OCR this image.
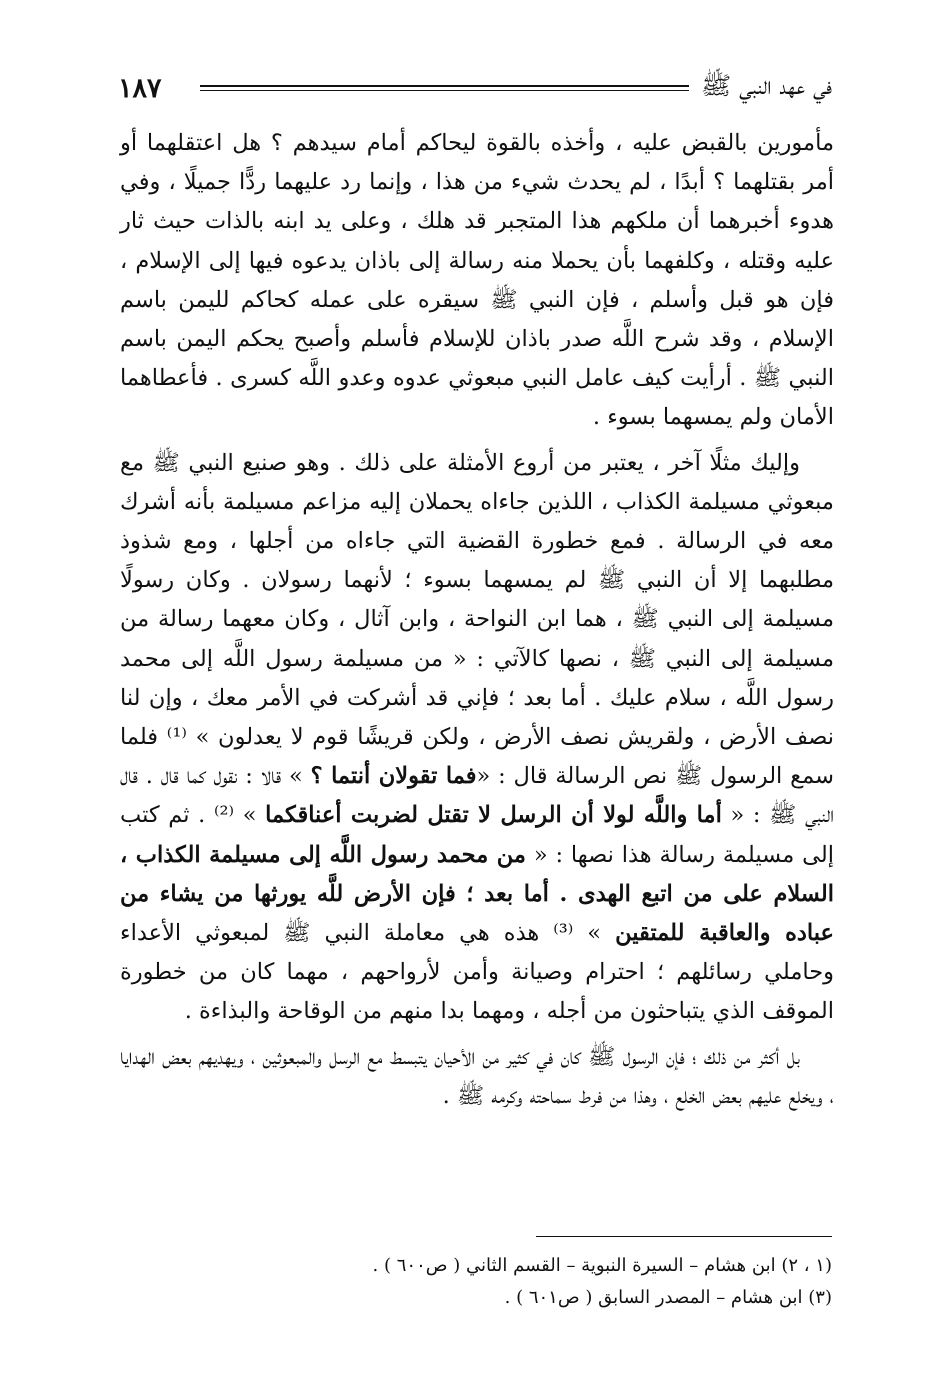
١٨٧	في عهد النبي ﷺ

مأمورين بالقبض عليه ، وأخذه بالقوة ليحاكم أمام سيدهم ؟ هل اعتقلهما أو أمر بقتلهما ؟ أبدًا ، لم يحدث شيء من هذا ، وإنما رد عليهما ردًّا جميلًا ، وفي هدوء أخبرهما أن ملكهم هذا المتجبر قد هلك ، وعلى يد ابنه بالذات حيث ثار عليه وقتله ، وكلفهما بأن يحملا منه رسالة إلى باذان يدعوه فيها إلى الإسلام ، فإن هو قبل وأسلم ، فإن النبي ﷺ سيقره على عمله كحاكم لليمن باسم الإسلام ، وقد شرح اللَّه صدر باذان للإسلام فأسلم وأصبح يحكم اليمن باسم النبي ﷺ . أرأيت كيف عامل النبي مبعوثي عدوه وعدو اللَّه كسرى . فأعطاهما الأمان ولم يمسهما بسوء .

وإليك مثلًا آخر ، يعتبر من أروع الأمثلة على ذلك . وهو صنيع النبي ﷺ مع مبعوثي مسيلمة الكذاب ، اللذين جاءاه يحملان إليه مزاعم مسيلمة بأنه أشرك معه في الرسالة . فمع خطورة القضية التي جاءاه من أجلها ، ومع شذوذ مطلبهما إلا أن النبي ﷺ لم يمسهما بسوء ؛ لأنهما رسولان . وكان رسولًا مسيلمة إلى النبي ﷺ ، هما ابن النواحة ، وابن آثال ، وكان معهما رسالة من مسيلمة إلى النبي ﷺ ، نصها كالآتي : « من مسيلمة رسول اللَّه إلى محمد رسول اللَّه ، سلام عليك . أما بعد ؛ فإني قد أشركت في الأمر معك ، وإن لنا نصف الأرض ، ولقريش نصف الأرض ، ولكن قريشًا قوم لا يعدلون » ⁽¹⁾ فلما سمع الرسول ﷺ نص الرسالة قال : «فما تقولان أنتما ؟ » قالا : نقول كما قال . قال النبي ﷺ : « أما واللَّه لولا أن الرسل لا تقتل لضربت أعناقكما » ⁽²⁾ . ثم كتب إلى مسيلمة رسالة هذا نصها : « من محمد رسول اللَّه إلى مسيلمة الكذاب ، السلام على من اتبع الهدى . أما بعد ؛ فإن الأرض للَّه يورثها من يشاء من عباده والعاقبة للمتقين » ⁽³⁾ هذه هي معاملة النبي ﷺ لمبعوثي الأعداء وحاملي رسائلهم ؛ احترام وصيانة وأمن لأرواحهم ، مهما كان من خطورة الموقف الذي يتباحثون من أجله ، ومهما بدا منهم من الوقاحة والبذاءة .

بل أكثر من ذلك ؛ فإن الرسول ﷺ كان في كثير من الأحيان يتبسط مع الرسل والمبعوثين ، ويهديهم بعض الهدايا ، ويخلع عليهم بعض الخلع ، وهذا من فرط سماحته وكرمه ﷺ .

(١ ، ٢) ابن هشام – السيرة النبوية – القسم الثاني ( ص٦٠٠ ) .
(٣) ابن هشام – المصدر السابق ( ص٦٠١ ) .
